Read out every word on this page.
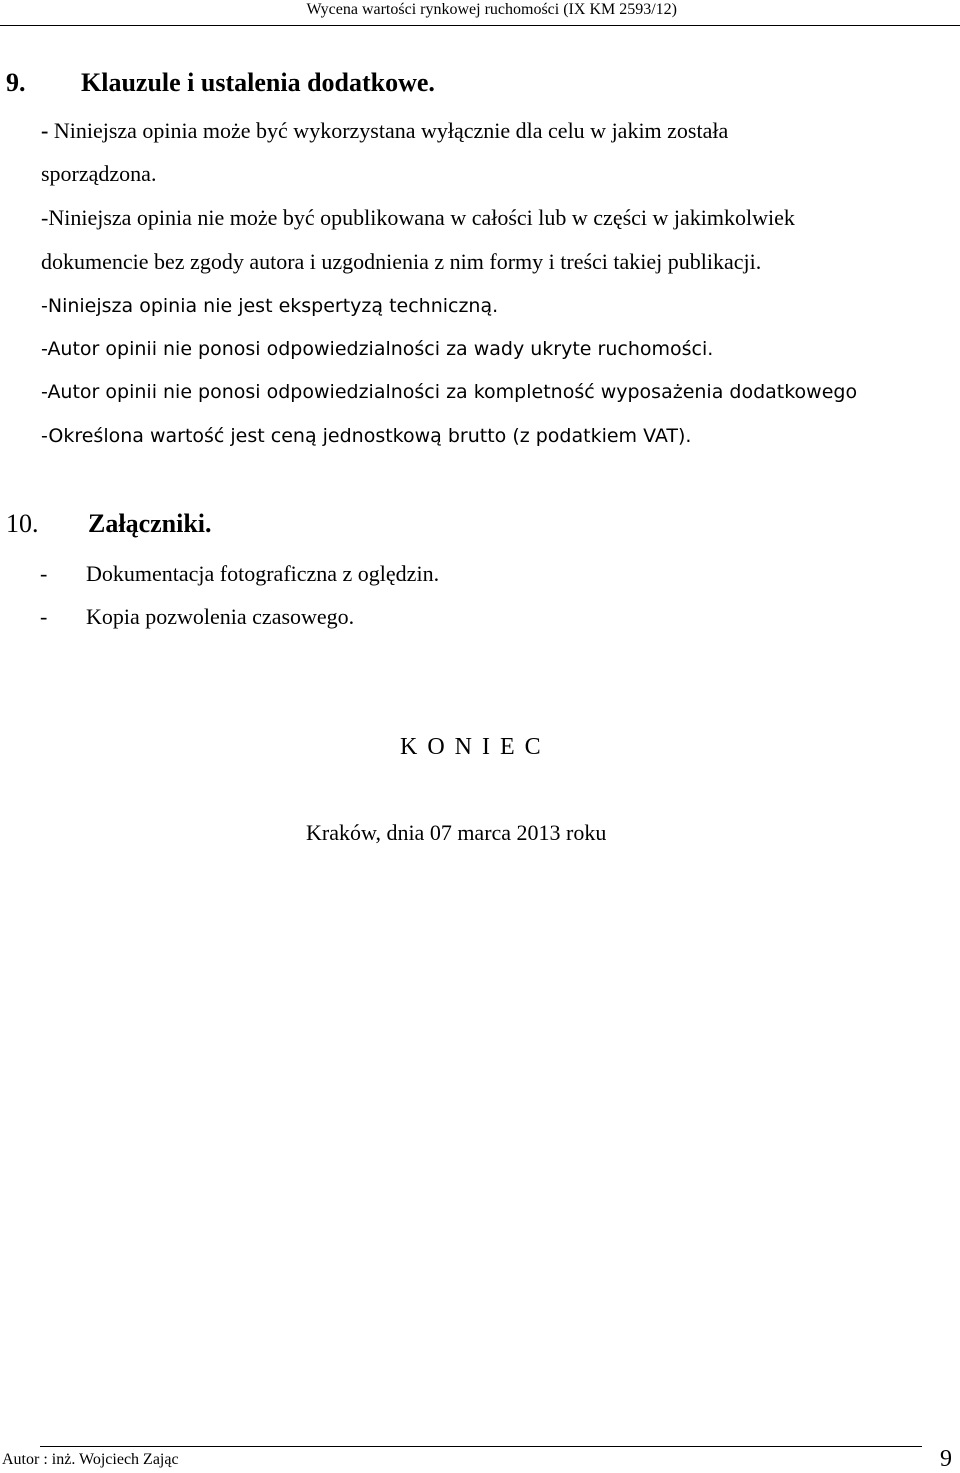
Wycena wartości rynkowej ruchomości (IX KM 2593/12)
9. Klauzule i ustalenia dodatkowe.
- Niniejsza opinia może być wykorzystana wyłącznie dla celu w jakim została
sporządzona.
-Niniejsza opinia nie może być opublikowana w całości lub w części w jakimkolwiek
dokumencie bez zgody autora i uzgodnienia z nim formy i treści takiej publikacji.
-Niniejsza opinia nie jest ekspertyzą techniczną.
-Autor opinii nie ponosi odpowiedzialności za wady ukryte ruchomości.
-Autor opinii nie ponosi odpowiedzialności za kompletność wyposażenia dodatkowego
-Określona wartość jest ceną jednostkową brutto (z podatkiem VAT).
10. Załączniki.
- Dokumentacja fotograficzna z oględzin.
- Kopia pozwolenia czasowego.
KONIEC
Kraków, dnia 07 marca 2013 roku
Autor : inż. Wojciech Zając	9
